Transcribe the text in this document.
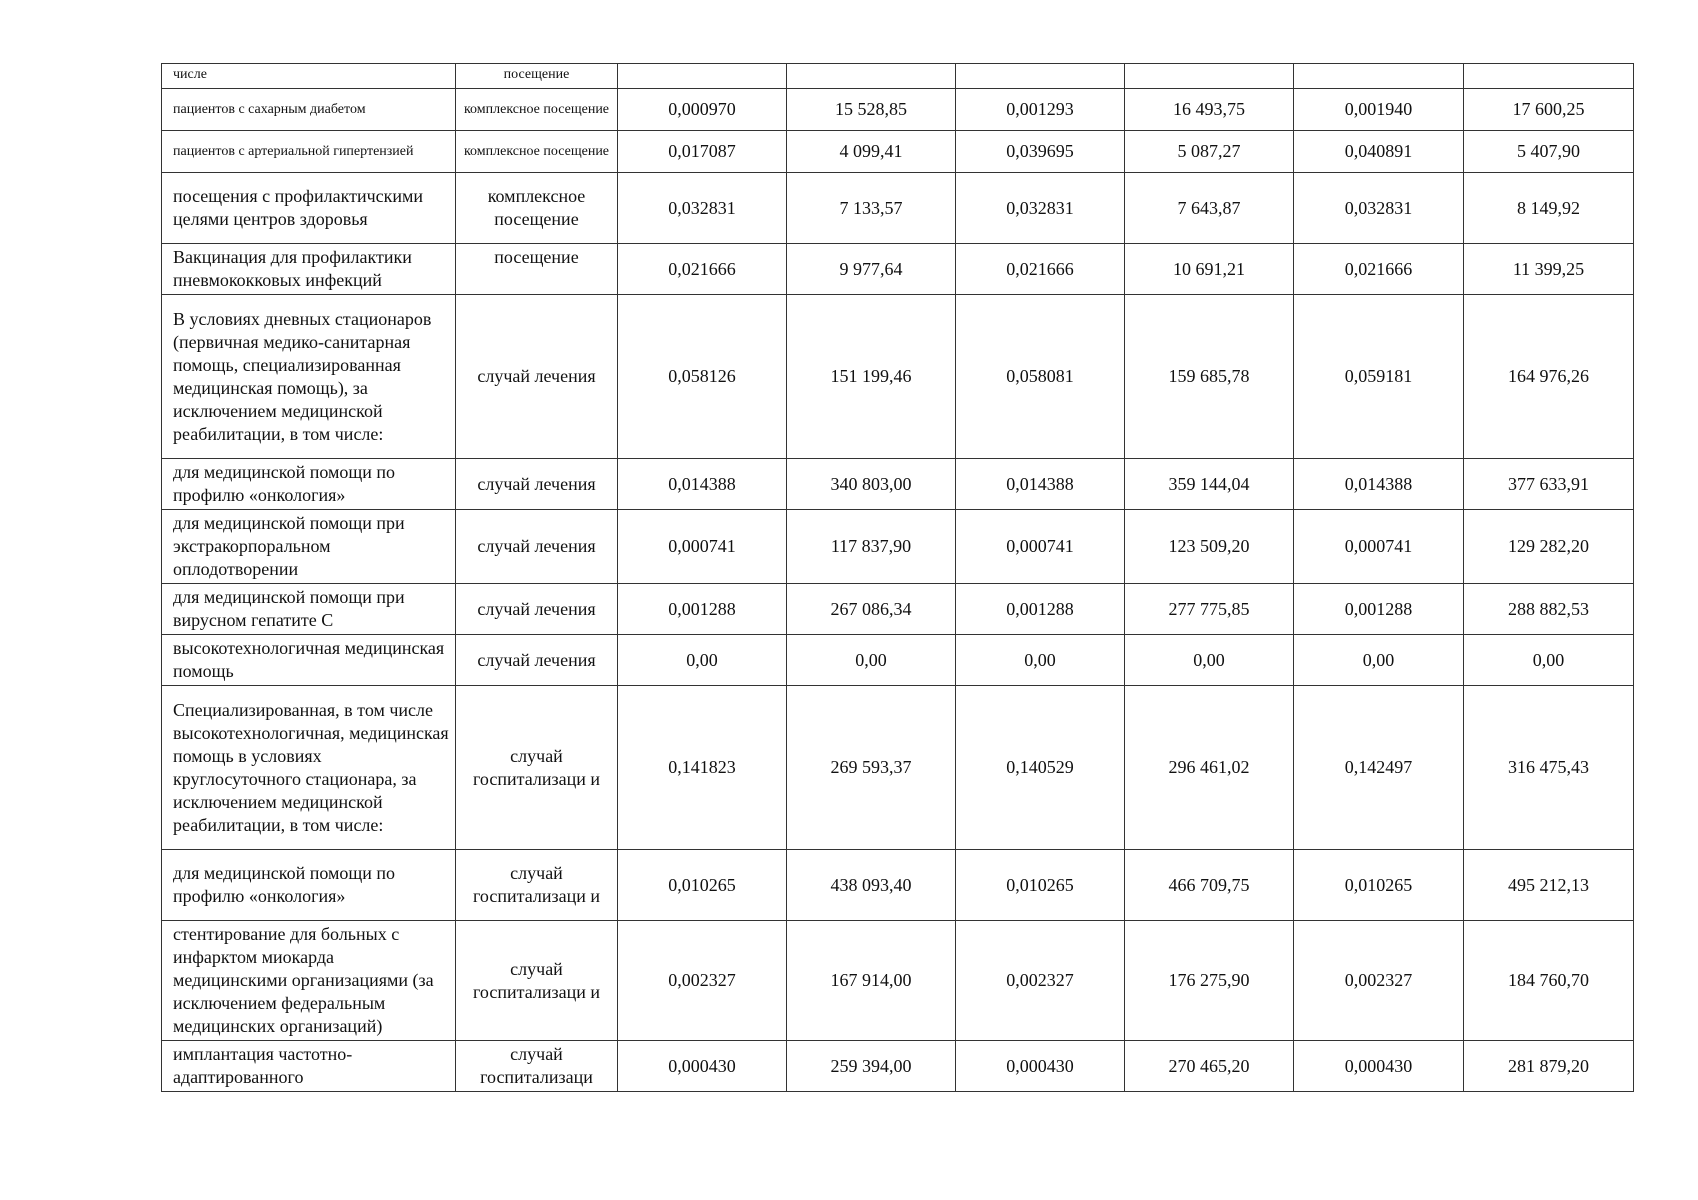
числе	посещение						
пациентов с сахарным диабетом	комплексное посещение	0,000970	15 528,85	0,001293	16 493,75	0,001940	17 600,25
пациентов с артериальной гипертензией	комплексное посещение	0,017087	4 099,41	0,039695	5 087,27	0,040891	5 407,90
посещения с профилактичскими целями центров здоровья	комплексное посещение	0,032831	7 133,57	0,032831	7 643,87	0,032831	8 149,92
Вакцинация для профилактики пневмококковых инфекций	посещение	0,021666	9 977,64	0,021666	10 691,21	0,021666	11 399,25
В условиях дневных стационаров (первичная медико-санитарная помощь, специализированная медицинская помощь), за исключением медицинской реабилитации, в том числе:	случай лечения	0,058126	151 199,46	0,058081	159 685,78	0,059181	164 976,26
для медицинской помощи по профилю «онкология»	случай лечения	0,014388	340 803,00	0,014388	359 144,04	0,014388	377 633,91
для медицинской помощи при экстракорпоральном оплодотворении	случай лечения	0,000741	117 837,90	0,000741	123 509,20	0,000741	129 282,20
для медицинской помощи при вирусном гепатите С	случай лечения	0,001288	267 086,34	0,001288	277 775,85	0,001288	288 882,53
высокотехнологичная медицинская помощь	случай лечения	0,00	0,00	0,00	0,00	0,00	0,00
Специализированная, в том числе высокотехнологичная, медицинская помощь в условиях круглосуточного стационара, за исключением медицинской реабилитации, в том числе:	случай госпитализаци и	0,141823	269 593,37	0,140529	296 461,02	0,142497	316 475,43
для медицинской помощи по профилю «онкология»	случай госпитализаци и	0,010265	438 093,40	0,010265	466 709,75	0,010265	495 212,13
стентирование для больных с инфарктом миокарда медицинскими организациями (за исключением федеральным медицинских организаций)	случай госпитализаци и	0,002327	167 914,00	0,002327	176 275,90	0,002327	184 760,70
имплантация частотно-адаптированного	случай госпитализаци	0,000430	259 394,00	0,000430	270 465,20	0,000430	281 879,20
